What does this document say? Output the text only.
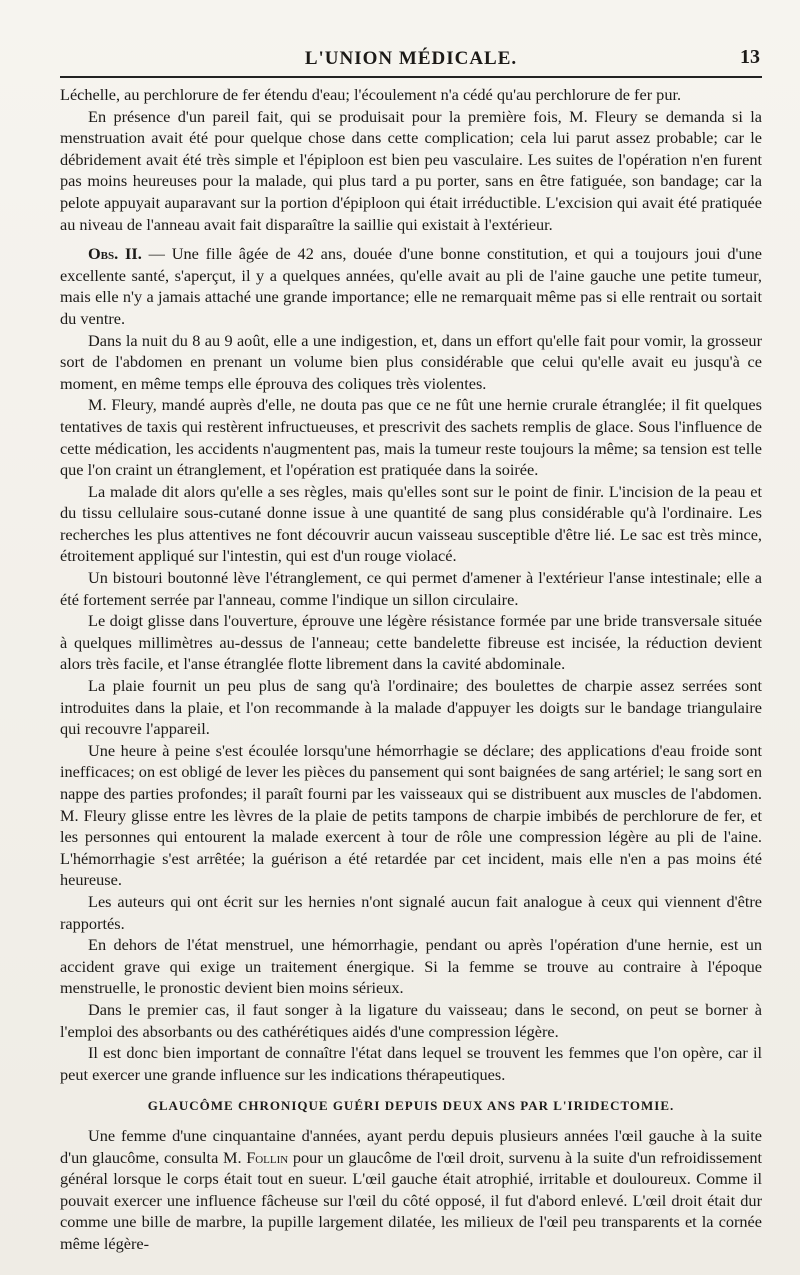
L'UNION MÉDICALE.	13

Léchelle, au perchlorure de fer étendu d'eau; l'écoulement n'a cédé qu'au perchlorure de fer pur.

En présence d'un pareil fait, qui se produisait pour la première fois, M. Fleury se demanda si la menstruation avait été pour quelque chose dans cette complication; cela lui parut assez probable; car le débridement avait été très simple et l'épiploon est bien peu vasculaire. Les suites de l'opération n'en furent pas moins heureuses pour la malade, qui plus tard a pu porter, sans en être fatiguée, son bandage; car la pelote appuyait auparavant sur la portion d'épiploon qui était irréductible. L'excision qui avait été pratiquée au niveau de l'anneau avait fait disparaître la saillie qui existait à l'extérieur.

Obs. II. — Une fille âgée de 42 ans, douée d'une bonne constitution, et qui a toujours joui d'une excellente santé, s'aperçut, il y a quelques années, qu'elle avait au pli de l'aine gauche une petite tumeur, mais elle n'y a jamais attaché une grande importance; elle ne remarquait même pas si elle rentrait ou sortait du ventre.

Dans la nuit du 8 au 9 août, elle a une indigestion, et, dans un effort qu'elle fait pour vomir, la grosseur sort de l'abdomen en prenant un volume bien plus considérable que celui qu'elle avait eu jusqu'à ce moment, en même temps elle éprouva des coliques très violentes.

M. Fleury, mandé auprès d'elle, ne douta pas que ce ne fût une hernie crurale étranglée; il fit quelques tentatives de taxis qui restèrent infructueuses, et prescrivit des sachets remplis de glace. Sous l'influence de cette médication, les accidents n'augmentent pas, mais la tumeur reste toujours la même; sa tension est telle que l'on craint un étranglement, et l'opération est pratiquée dans la soirée.

La malade dit alors qu'elle a ses règles, mais qu'elles sont sur le point de finir. L'incision de la peau et du tissu cellulaire sous-cutané donne issue à une quantité de sang plus considérable qu'à l'ordinaire. Les recherches les plus attentives ne font découvrir aucun vaisseau susceptible d'être lié. Le sac est très mince, étroitement appliqué sur l'intestin, qui est d'un rouge violacé.

Un bistouri boutonné lève l'étranglement, ce qui permet d'amener à l'extérieur l'anse intestinale; elle a été fortement serrée par l'anneau, comme l'indique un sillon circulaire.

Le doigt glisse dans l'ouverture, éprouve une légère résistance formée par une bride transversale située à quelques millimètres au-dessus de l'anneau; cette bandelette fibreuse est incisée, la réduction devient alors très facile, et l'anse étranglée flotte librement dans la cavité abdominale.

La plaie fournit un peu plus de sang qu'à l'ordinaire; des boulettes de charpie assez serrées sont introduites dans la plaie, et l'on recommande à la malade d'appuyer les doigts sur le bandage triangulaire qui recouvre l'appareil.

Une heure à peine s'est écoulée lorsqu'une hémorrhagie se déclare; des applications d'eau froide sont inefficaces; on est obligé de lever les pièces du pansement qui sont baignées de sang artériel; le sang sort en nappe des parties profondes; il paraît fourni par les vaisseaux qui se distribuent aux muscles de l'abdomen. M. Fleury glisse entre les lèvres de la plaie de petits tampons de charpie imbibés de perchlorure de fer, et les personnes qui entourent la malade exercent à tour de rôle une compression légère au pli de l'aine. L'hémorrhagie s'est arrêtée; la guérison a été retardée par cet incident, mais elle n'en a pas moins été heureuse.

Les auteurs qui ont écrit sur les hernies n'ont signalé aucun fait analogue à ceux qui viennent d'être rapportés.

En dehors de l'état menstruel, une hémorrhagie, pendant ou après l'opération d'une hernie, est un accident grave qui exige un traitement énergique. Si la femme se trouve au contraire à l'époque menstruelle, le pronostic devient bien moins sérieux.

Dans le premier cas, il faut songer à la ligature du vaisseau; dans le second, on peut se borner à l'emploi des absorbants ou des cathérétiques aidés d'une compression légère.

Il est donc bien important de connaître l'état dans lequel se trouvent les femmes que l'on opère, car il peut exercer une grande influence sur les indications thérapeutiques.

GLAUCÔME CHRONIQUE GUÉRI DEPUIS DEUX ANS PAR L'IRIDECTOMIE.

Une femme d'une cinquantaine d'années, ayant perdu depuis plusieurs années l'œil gauche à la suite d'un glaucôme, consulta M. Follin pour un glaucôme de l'œil droit, survenu à la suite d'un refroidissement général lorsque le corps était tout en sueur. L'œil gauche était atrophié, irritable et douloureux. Comme il pouvait exercer une influence fâcheuse sur l'œil du côté opposé, il fut d'abord enlevé. L'œil droit était dur comme une bille de marbre, la pupille largement dilatée, les milieux de l'œil peu transparents et la cornée même légère-
